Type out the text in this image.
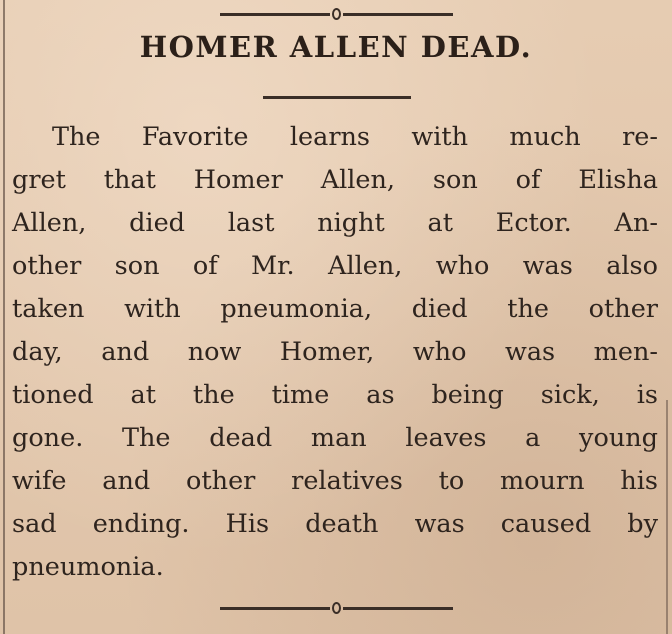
HOMER ALLEN DEAD.

The Favorite learns with much re-
gret that Homer Allen, son of Elisha
Allen, died last night at Ector. An-
other son of Mr. Allen, who was also
taken with pneumonia, died the other
day, and now Homer, who was men-
tioned at the time as being sick, is
gone. The dead man leaves a young
wife and other relatives to mourn his
sad ending. His death was caused by
pneumonia.
